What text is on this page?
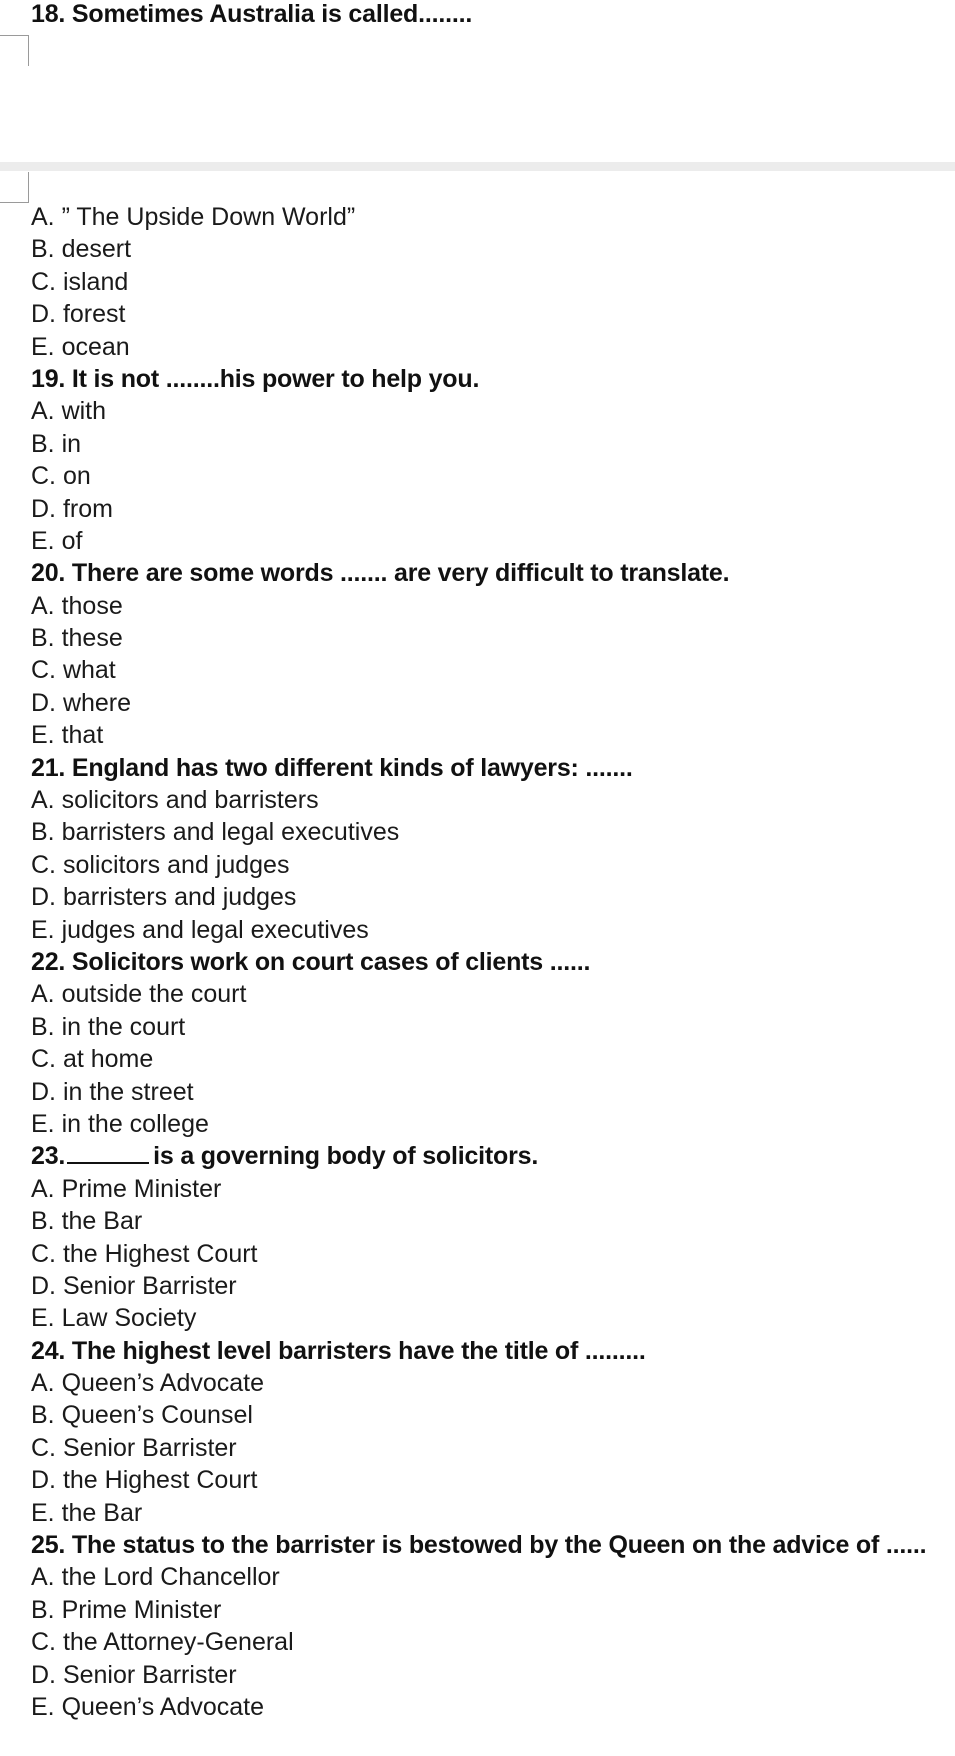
18. Sometimes Australia is called........
A. ” The Upside Down World”
B. desert
C. island
D. forest
E. ocean
19. It is not ........his power to help you.
A. with
B. in
C. on
D. from
E. of
20. There are some words ....... are very difficult to translate.
A. those
B. these
C. what
D. where
E. that
21. England has two different kinds of lawyers: .......
A. solicitors and barristers
B. barristers and legal executives
C. solicitors and judges
D. barristers and judges
E. judges and legal executives
22. Solicitors work on court cases of clients ......
A. outside the court
B. in the court
C. at home
D. in the street
E. in the college
23.	is a governing body of solicitors.
A. Prime Minister
B. the Bar
C. the Highest Court
D. Senior Barrister
E. Law Society
24. The highest level barristers have the title of .........
A. Queen’s Advocate
B. Queen’s Counsel
C. Senior Barrister
D. the Highest Court
E. the Bar
25. The status to the barrister is bestowed by the Queen on the advice of ......
A. the Lord Chancellor
B. Prime Minister
C. the Attorney-General
D. Senior Barrister
E. Queen’s Advocate
